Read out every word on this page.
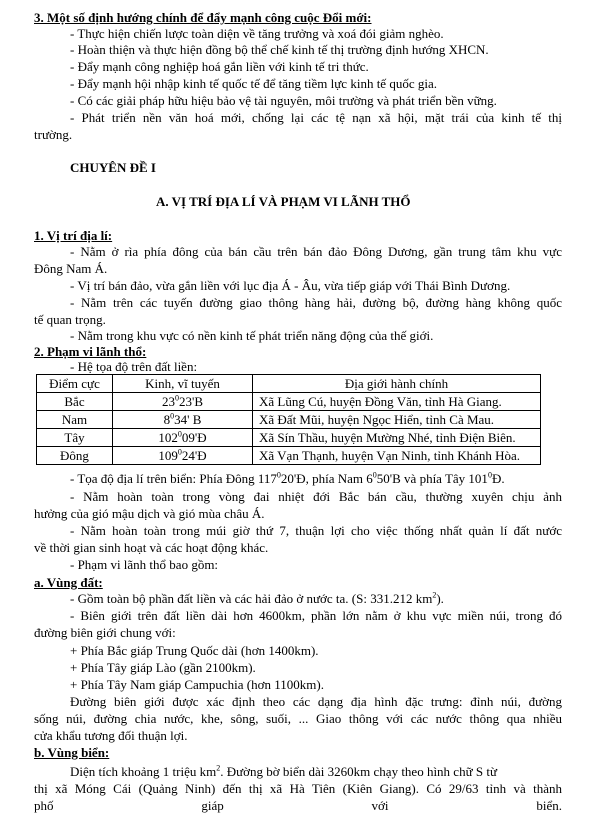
3. Một số định hướng chính để đẩy mạnh công cuộc Đổi mới:
- Thực hiện chiến lược toàn diện về tăng trưởng và xoá đói giảm nghèo.
- Hoàn thiện và thực hiện đồng bộ thể chế kinh tế thị trường định hướng XHCN.
- Đẩy mạnh công nghiệp hoá gắn liền với kinh tế tri thức.
- Đẩy mạnh hội nhập kinh tế quốc tế để tăng tiềm lực kinh tế quốc gia.
- Có các giải pháp hữu hiệu bảo vệ tài nguyên, môi trường và phát triển bền vững.
- Phát triển nền văn hoá mới, chống lại các tệ nạn xã hội, mặt trái của kinh tế thị
trường.
CHUYÊN ĐỀ I
A. VỊ TRÍ ĐỊA LÍ VÀ PHẠM VI LÃNH THỔ
1. Vị trí địa lí:
- Nằm ở rìa phía đông của bán cầu trên bán đảo Đông Dương, gần trung tâm khu vực
Đông Nam Á.
- Vị trí bán đảo, vừa gắn liền với lục địa Á - Âu, vừa tiếp giáp với Thái Bình Dương.
- Nằm trên các tuyến đường giao thông hàng hải, đường bộ, đường hàng không quốc
tế quan trọng.
- Nằm trong khu vực có nền kinh tế phát triển năng động của thế giới.
2. Phạm vi lãnh thổ:
- Hệ tọa độ trên đất liền:
Điểm cực	Kinh, vĩ tuyến	Địa giới hành chính
Bắc	$23^023'B$	Xã Lũng Cú, huyện Đồng Văn, tỉnh Hà Giang.
Nam	$8^034'$ B	Xã Đất Mũi, huyện Ngọc Hiển, tỉnh Cà Mau.
Tây	$102^009'Đ$	Xã Sín Thầu, huyện Mường Nhé, tỉnh Điện Biên.
Đông	$109^024'Đ$	Xã Vạn Thạnh, huyện Vạn Ninh, tỉnh Khánh Hòa.
- Tọa độ địa lí trên biển: Phía Đông $117^020'Đ$, phía Nam $6^050'B$ và phía Tây $101^0Đ$.
- Nằm hoàn toàn trong vòng đai nhiệt đới Bắc bán cầu, thường xuyên chịu ảnh
hưởng của gió mậu dịch và gió mùa châu Á.
- Nằm hoàn toàn trong múi giờ thứ 7, thuận lợi cho việc thống nhất quản lí đất nước
về thời gian sinh hoạt và các hoạt động khác.
- Phạm vi lãnh thổ bao gồm:
a. Vùng đất:
- Gồm toàn bộ phần đất liền và các hải đảo ở nước ta. (S: 331.212 $km^2$).
- Biên giới trên đất liền dài hơn 4600km, phần lớn nằm ở khu vực miền núi, trong đó
đường biên giới chung với:
+ Phía Bắc giáp Trung Quốc dài (hơn 1400km).
+ Phía Tây giáp Lào (gần 2100km).
+ Phía Tây Nam giáp Campuchia (hơn 1100km).
Đường biên giới được xác định theo các dạng địa hình đặc trưng: đỉnh núi, đường
sống núi, đường chia nước, khe, sông, suối, ... Giao thông với các nước thông qua nhiều
cửa khẩu tương đối thuận lợi.
b. Vùng biển:
Diện tích khoảng 1 triệu $km^2$. Đường bờ biển dài 3260km chạy theo hình chữ S từ
thị xã Móng Cái (Quảng Ninh) đến thị xã Hà Tiên (Kiên Giang). Có 29/63 tỉnh và thành
phố giáp với biển.
